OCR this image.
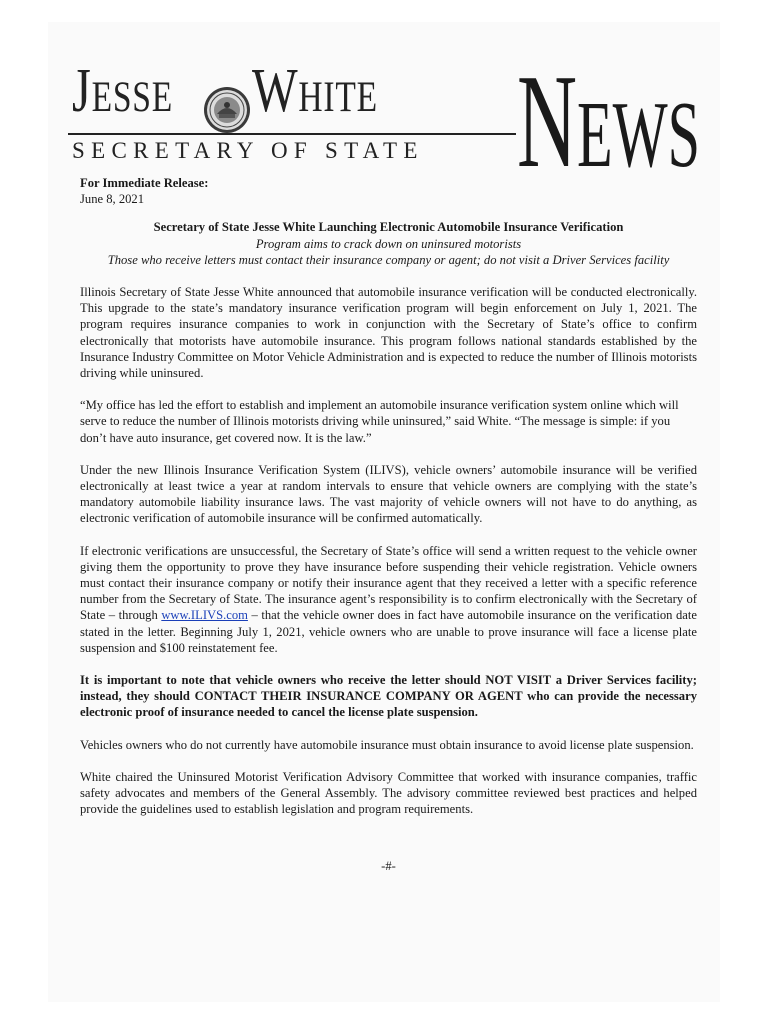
Jesse White
SECRETARY OF STATE News
For Immediate Release:
June 8, 2021
Secretary of State Jesse White Launching Electronic Automobile Insurance Verification
Program aims to crack down on uninsured motorists
Those who receive letters must contact their insurance company or agent; do not visit a Driver Services facility

Illinois Secretary of State Jesse White announced that automobile insurance verification will be conducted electronically. This upgrade to the state’s mandatory insurance verification program will begin enforcement on July 1, 2021. The program requires insurance companies to work in conjunction with the Secretary of State’s office to confirm electronically that motorists have automobile insurance. This program follows national standards established by the Insurance Industry Committee on Motor Vehicle Administration and is expected to reduce the number of Illinois motorists driving while uninsured.

“My office has led the effort to establish and implement an automobile insurance verification system online which will serve to reduce the number of Illinois motorists driving while uninsured,” said White. “The message is simple: if you don’t have auto insurance, get covered now. It is the law.”

Under the new Illinois Insurance Verification System (ILIVS), vehicle owners’ automobile insurance will be verified electronically at least twice a year at random intervals to ensure that vehicle owners are complying with the state’s mandatory automobile liability insurance laws. The vast majority of vehicle owners will not have to do anything, as electronic verification of automobile insurance will be confirmed automatically.

If electronic verifications are unsuccessful, the Secretary of State’s office will send a written request to the vehicle owner giving them the opportunity to prove they have insurance before suspending their vehicle registration. Vehicle owners must contact their insurance company or notify their insurance agent that they received a letter with a specific reference number from the Secretary of State. The insurance agent’s responsibility is to confirm electronically with the Secretary of State – through www.ILIVS.com – that the vehicle owner does in fact have automobile insurance on the verification date stated in the letter. Beginning July 1, 2021, vehicle owners who are unable to prove insurance will face a license plate suspension and $100 reinstatement fee.

It is important to note that vehicle owners who receive the letter should NOT VISIT a Driver Services facility; instead, they should CONTACT THEIR INSURANCE COMPANY OR AGENT who can provide the necessary electronic proof of insurance needed to cancel the license plate suspension.

Vehicles owners who do not currently have automobile insurance must obtain insurance to avoid license plate suspension.

White chaired the Uninsured Motorist Verification Advisory Committee that worked with insurance companies, traffic safety advocates and members of the General Assembly. The advisory committee reviewed best practices and helped provide the guidelines used to establish legislation and program requirements.

-#-
